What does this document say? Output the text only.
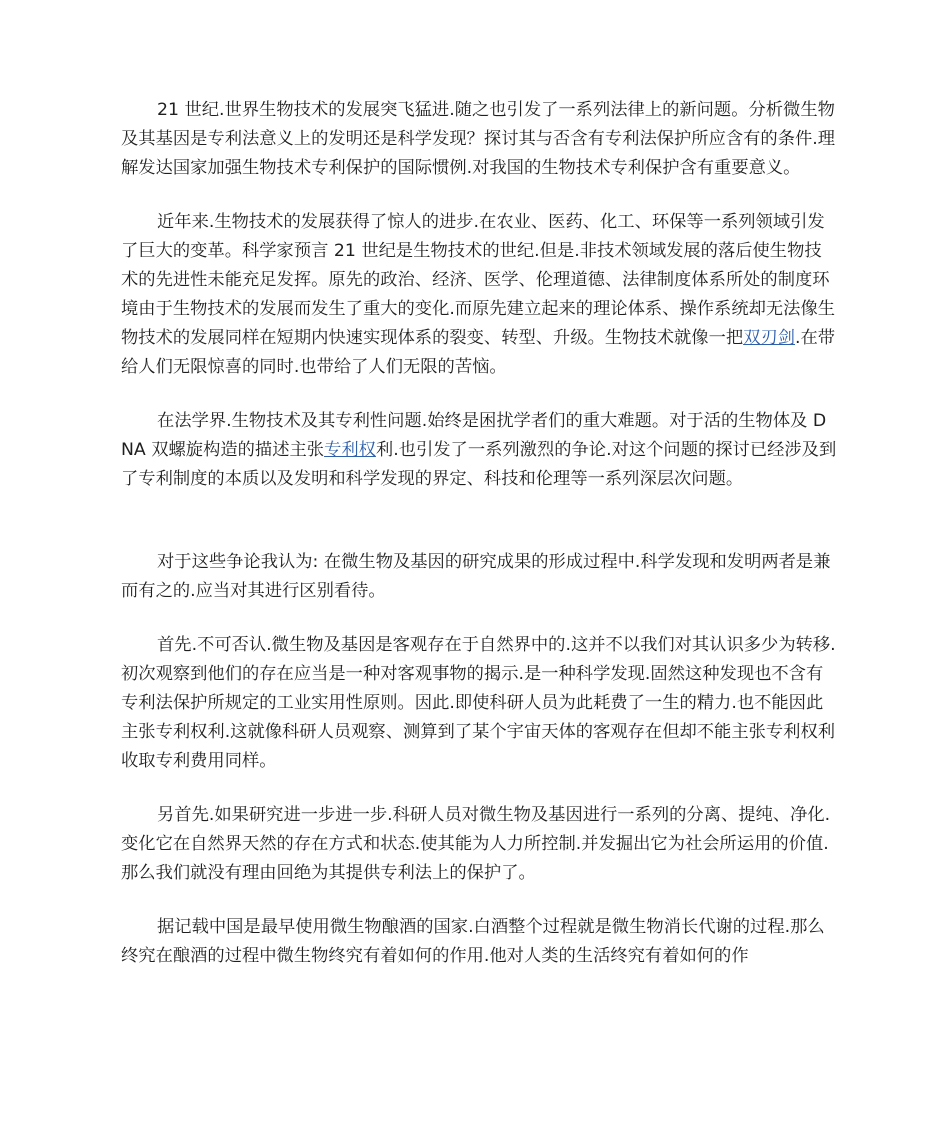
21 世纪.世界生物技术的发展突飞猛进.随之也引发了一系列法律上的新问题。分析微生物及其基因是专利法意义上的发明还是科学发现？探讨其与否含有专利法保护所应含有的条件.理解发达国家加强生物技术专利保护的国际惯例.对我国的生物技术专利保护含有重要意义。

近年来.生物技术的发展获得了惊人的进步.在农业、医药、化工、环保等一系列领域引发了巨大的变革。科学家预言 21 世纪是生物技术的世纪.但是.非技术领域发展的落后使生物技术的先进性未能充足发挥。原先的政治、经济、医学、伦理道德、法律制度体系所处的制度环境由于生物技术的发展而发生了重大的变化.而原先建立起来的理论体系、操作系统却无法像生物技术的发展同样在短期内快速实现体系的裂变、转型、升级。生物技术就像一把双刃剑.在带给人们无限惊喜的同时.也带给了人们无限的苦恼。

在法学界.生物技术及其专利性问题.始终是困扰学者们的重大难题。对于活的生物体及 DNA 双螺旋构造的描述主张专利权利.也引发了一系列激烈的争论.对这个问题的探讨已经涉及到了专利制度的本质以及发明和科学发现的界定、科技和伦理等一系列深层次问题。

对于这些争论我认为: 在微生物及基因的研究成果的形成过程中.科学发现和发明两者是兼而有之的.应当对其进行区别看待。

首先.不可否认.微生物及基因是客观存在于自然界中的.这并不以我们对其认识多少为转移.初次观察到他们的存在应当是一种对客观事物的揭示.是一种科学发现.固然这种发现也不含有专利法保护所规定的工业实用性原则。因此.即使科研人员为此耗费了一生的精力.也不能因此主张专利权利.这就像科研人员观察、测算到了某个宇宙天体的客观存在但却不能主张专利权利收取专利费用同样。

另首先.如果研究进一步进一步.科研人员对微生物及基因进行一系列的分离、提纯、净化.变化它在自然界天然的存在方式和状态.使其能为人力所控制.并发掘出它为社会所运用的价值.那么我们就没有理由回绝为其提供专利法上的保护了。

据记载中国是最早使用微生物酿酒的国家.白酒整个过程就是微生物消长代谢的过程.那么终究在酿酒的过程中微生物终究有着如何的作用.他对人类的生活终究有着如何的作
